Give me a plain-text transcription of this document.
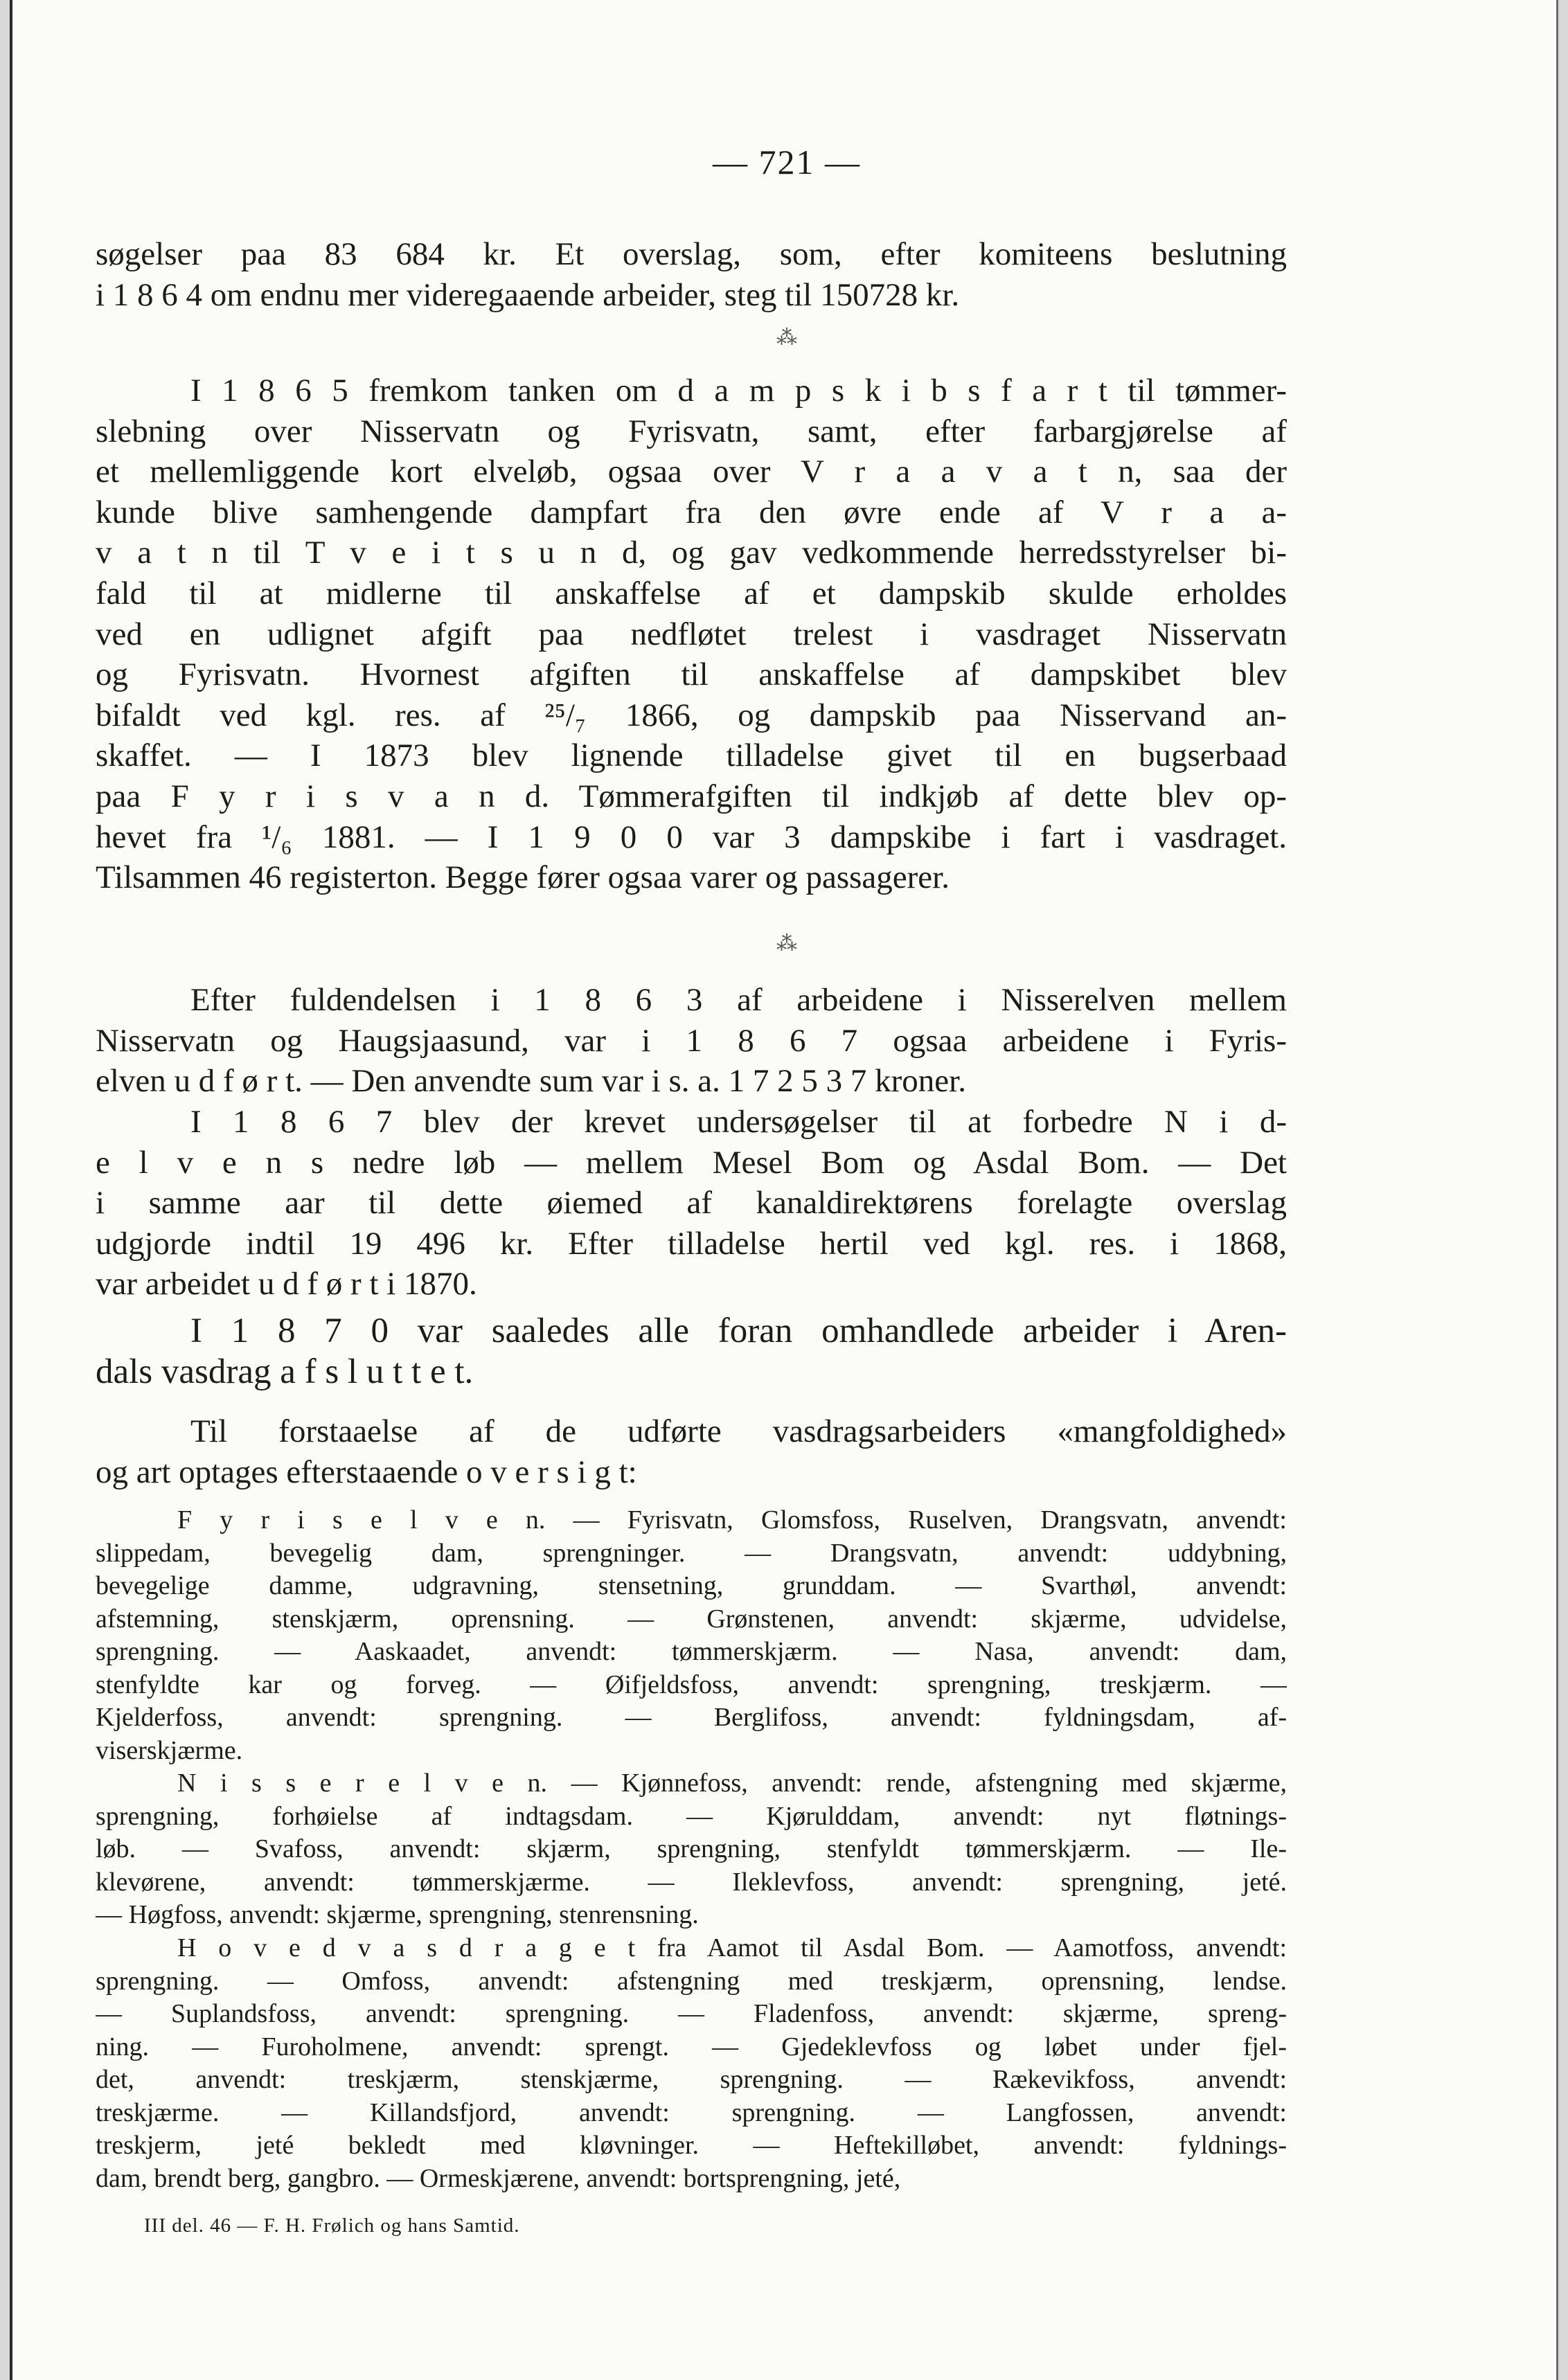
— 721 —
søgelser paa 83 684 kr. Et overslag, som, efter komiteens beslutning
i 1 8 6 4 om endnu mer videregaaende arbeider, steg til 150728 kr.
⁂
I 1 8 6 5 fremkom tanken om d a m p s k i b s f a r t til tømmer-
slebning over Nisservatn og Fyrisvatn, samt, efter farbargjørelse af
et mellemliggende kort elveløb, ogsaa over V r a a v a t n, saa der
kunde blive samhengende dampfart fra den øvre ende af V r a a-
v a t n til T v e i t s u n d, og gav vedkommende herredsstyrelser bi-
fald til at midlerne til anskaffelse af et dampskib skulde erholdes
ved en udlignet afgift paa nedfløtet trelest i vasdraget Nisservatn
og Fyrisvatn. Hvornest afgiften til anskaffelse af dampskibet blev
bifaldt ved kgl. res. af ²⁵/₇ 1866, og dampskib paa Nisservand an-
skaffet. — I 1873 blev lignende tilladelse givet til en bugserbaad
paa F y r i s v a n d. Tømmerafgiften til indkjøb af dette blev op-
hevet fra ¹/₆ 1881. — I 1 9 0 0 var 3 dampskibe i fart i vasdraget.
Tilsammen 46 registerton. Begge fører ogsaa varer og passagerer.
⁂
Efter fuldendelsen i 1 8 6 3 af arbeidene i Nisserelven mellem
Nisservatn og Haugsjaasund, var i 1 8 6 7 ogsaa arbeidene i Fyris-
elven u d f ø r t. — Den anvendte sum var i s. a. 1 7 2 5 3 7 kroner.
I 1 8 6 7 blev der krevet undersøgelser til at forbedre N i d-
e l v e n s nedre løb — mellem Mesel Bom og Asdal Bom. — Det
i samme aar til dette øiemed af kanaldirektørens forelagte overslag
udgjorde indtil 19 496 kr. Efter tilladelse hertil ved kgl. res. i 1868,
var arbeidet u d f ø r t i 1870.
I 1 8 7 0 var saaledes alle foran omhandlede arbeider i Aren-
dals vasdrag a f s l u t t e t.
Til forstaaelse af de udførte vasdragsarbeiders «mangfoldighed»
og art optages efterstaaende o v e r s i g t:
F y r i s e l v e n. — Fyrisvatn, Glomsfoss, Ruselven, Drangsvatn, anvendt:
slippedam, bevegelig dam, sprengninger. — Drangsvatn, anvendt: uddybning,
bevegelige damme, udgravning, stensetning, grunddam. — Svarthøl, anvendt:
afstemning, stenskjærm, oprensning. — Grønstenen, anvendt: skjærme, udvidelse,
sprengning. — Aaskaadet, anvendt: tømmerskjærm. — Nasa, anvendt: dam,
stenfyldte kar og forveg. — Øifjeldsfoss, anvendt: sprengning, treskjærm. —
Kjelderfoss, anvendt: sprengning. — Berglifoss, anvendt: fyldningsdam, af-
viserskjærme.
N i s s e r e l v e n. — Kjønnefoss, anvendt: rende, afstengning med skjærme,
sprengning, forhøielse af indtagsdam. — Kjørulddam, anvendt: nyt fløtnings-
løb. — Svafoss, anvendt: skjærm, sprengning, stenfyldt tømmerskjærm. — Ile-
klevørene, anvendt: tømmerskjærme. — Ileklevfoss, anvendt: sprengning, jeté.
— Høgfoss, anvendt: skjærme, sprengning, stenrensning.
H o v e d v a s d r a g e t fra Aamot til Asdal Bom. — Aamotfoss, anvendt:
sprengning. — Omfoss, anvendt: afstengning med treskjærm, oprensning, lendse.
— Suplandsfoss, anvendt: sprengning. — Fladenfoss, anvendt: skjærme, spreng-
ning. — Furoholmene, anvendt: sprengt. — Gjedeklevfoss og løbet under fjel-
det, anvendt: treskjærm, stenskjærme, sprengning. — Rækevikfoss, anvendt:
treskjærme. — Killandsfjord, anvendt: sprengning. — Langfossen, anvendt:
treskjerm, jeté bekledt med kløvninger. — Heftekilløbet, anvendt: fyldnings-
dam, brendt berg, gangbro. — Ormeskjærene, anvendt: bortsprengning, jeté,
III del. 46 — F. H. Frølich og hans Samtid.
